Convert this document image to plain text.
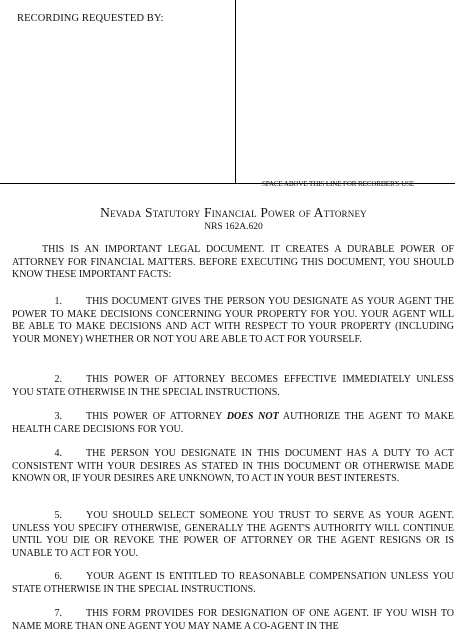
RECORDING REQUESTED BY:
SPACE ABOVE THIS LINE FOR RECORDER'S USE
Nevada Statutory Financial Power of Attorney
NRS 162A.620

THIS IS AN IMPORTANT LEGAL DOCUMENT. IT CREATES A DURABLE POWER OF ATTORNEY FOR FINANCIAL MATTERS. BEFORE EXECUTING THIS DOCUMENT, YOU SHOULD KNOW THESE IMPORTANT FACTS:

1. THIS DOCUMENT GIVES THE PERSON YOU DESIGNATE AS YOUR AGENT THE POWER TO MAKE DECISIONS CONCERNING YOUR PROPERTY FOR YOU. YOUR AGENT WILL BE ABLE TO MAKE DECISIONS AND ACT WITH RESPECT TO YOUR PROPERTY (INCLUDING YOUR MONEY) WHETHER OR NOT YOU ARE ABLE TO ACT FOR YOURSELF.

2. THIS POWER OF ATTORNEY BECOMES EFFECTIVE IMMEDIATELY UNLESS YOU STATE OTHERWISE IN THE SPECIAL INSTRUCTIONS.

3. THIS POWER OF ATTORNEY DOES NOT AUTHORIZE THE AGENT TO MAKE HEALTH CARE DECISIONS FOR YOU.

4. THE PERSON YOU DESIGNATE IN THIS DOCUMENT HAS A DUTY TO ACT CONSISTENT WITH YOUR DESIRES AS STATED IN THIS DOCUMENT OR OTHERWISE MADE KNOWN OR, IF YOUR DESIRES ARE UNKNOWN, TO ACT IN YOUR BEST INTERESTS.

5. YOU SHOULD SELECT SOMEONE YOU TRUST TO SERVE AS YOUR AGENT. UNLESS YOU SPECIFY OTHERWISE, GENERALLY THE AGENT'S AUTHORITY WILL CONTINUE UNTIL YOU DIE OR REVOKE THE POWER OF ATTORNEY OR THE AGENT RESIGNS OR IS UNABLE TO ACT FOR YOU.

6. YOUR AGENT IS ENTITLED TO REASONABLE COMPENSATION UNLESS YOU STATE OTHERWISE IN THE SPECIAL INSTRUCTIONS.

7. THIS FORM PROVIDES FOR DESIGNATION OF ONE AGENT. IF YOU WISH TO NAME MORE THAN ONE AGENT YOU MAY NAME A CO-AGENT IN THE
